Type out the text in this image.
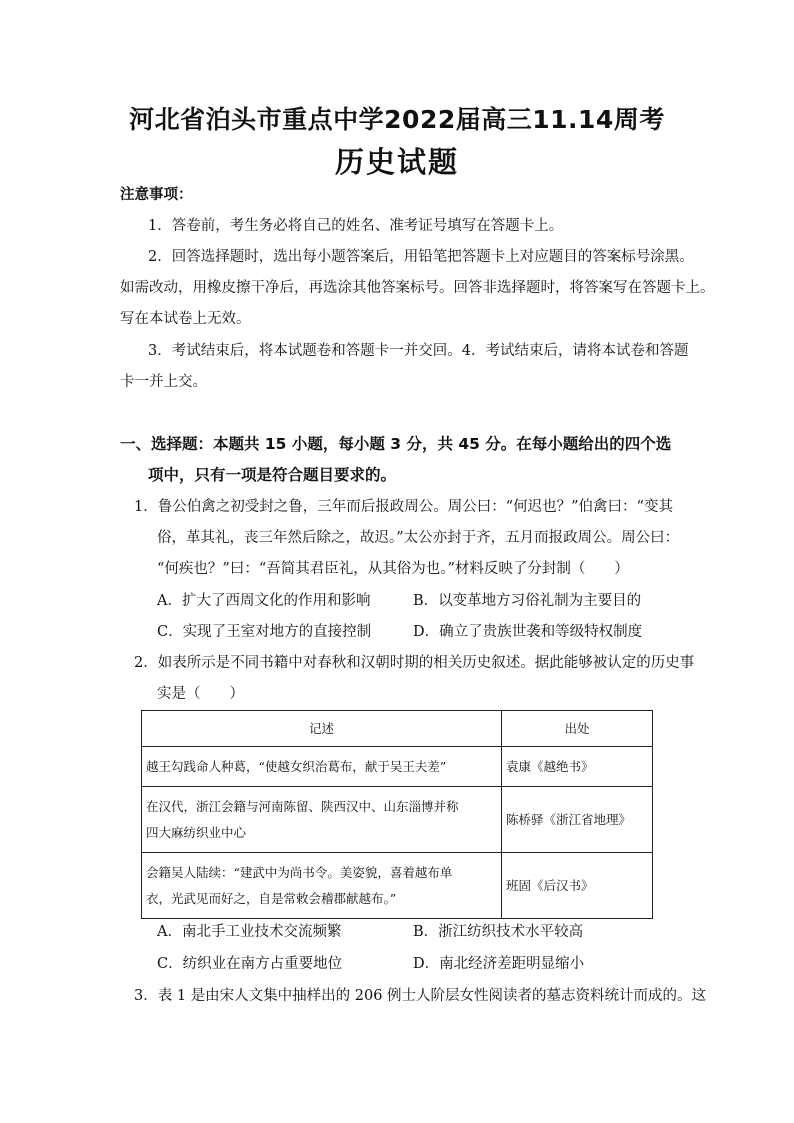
河北省泊头市重点中学2022届高三11.14周考
历史试题
注意事项：
1．答卷前，考生务必将自己的姓名、准考证号填写在答题卡上。
2．回答选择题时，选出每小题答案后，用铅笔把答题卡上对应题目的答案标号涂黑。
如需改动，用橡皮擦干净后，再选涂其他答案标号。回答非选择题时，将答案写在答题卡上。
写在本试卷上无效。
3．考试结束后，将本试题卷和答题卡一并交回。4．考试结束后，请将本试卷和答题
卡一并上交。
一、选择题：本题共 15 小题，每小题 3 分，共 45 分。在每小题给出的四个选
项中，只有一项是符合题目要求的。
1．鲁公伯禽之初受封之鲁，三年而后报政周公。周公曰：“何迟也？”伯禽曰：“变其
俗，革其礼，丧三年然后除之，故迟。”太公亦封于齐，五月而报政周公。周公曰：
“何疾也？”曰：“吾简其君臣礼，从其俗为也。”材料反映了分封制（　　）
A．扩大了西周文化的作用和影响	B．以变革地方习俗礼制为主要目的
C．实现了王室对地方的直接控制	D．确立了贵族世袭和等级特权制度
2．如表所示是不同书籍中对春秋和汉朝时期的相关历史叙述。据此能够被认定的历史事
实是（　　）
记述	出处
越王勾践命人种葛，“使越女织治葛布，献于吴王夫差”	袁康《越绝书》

在汉代，浙江会籍与河南陈留、陕西汉中、山东淄博并称
四大麻纺织业中心	陈桥驿《浙江省地理》

会籍吴人陆续：“建武中为尚书令。美姿貌，喜着越布单
衣，光武见而好之，自是常敕会稽郡献越布。”	班固《后汉书》
A．南北手工业技术交流频繁	B．浙江纺织技术水平较高
C．纺织业在南方占重要地位	D．南北经济差距明显缩小
3．表 1 是由宋人文集中抽样出的 206 例士人阶层女性阅读者的墓志资料统计而成的。这
